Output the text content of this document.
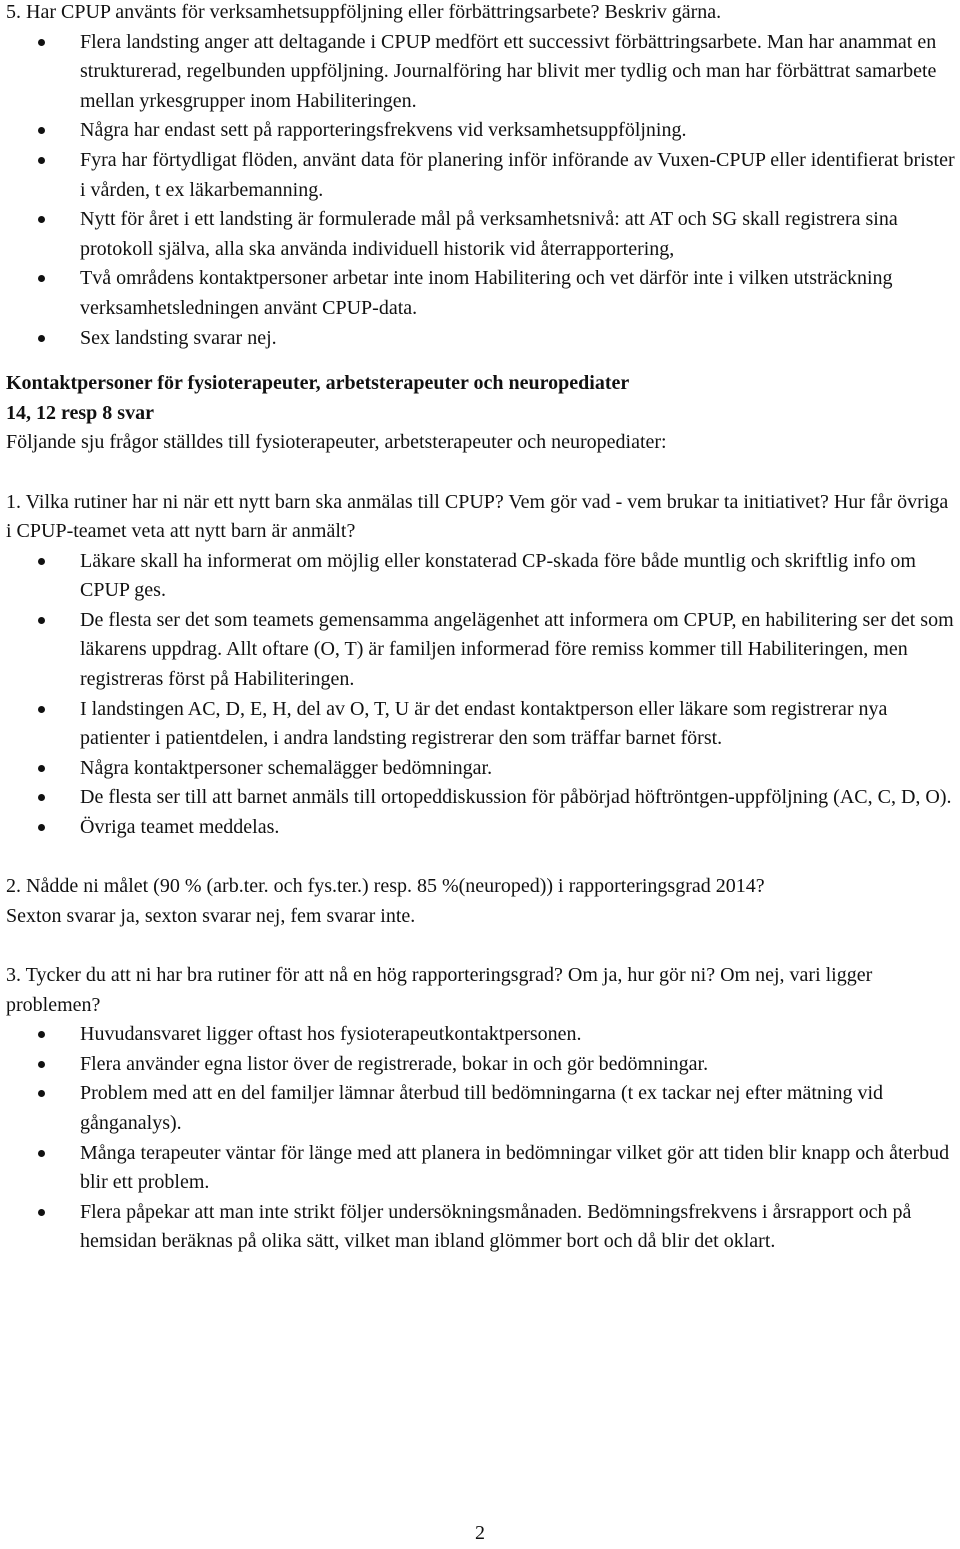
5. Har CPUP använts för verksamhetsuppföljning eller förbättringsarbete? Beskriv gärna.

Flera landsting anger att deltagande i CPUP medfört ett successivt förbättringsarbete. Man har anammat en strukturerad, regelbunden uppföljning. Journalföring har blivit mer tydlig och man har förbättrat samarbete mellan yrkesgrupper inom Habiliteringen.
Några har endast sett på rapporteringsfrekvens vid verksamhetsuppföljning.
Fyra har förtydligat flöden, använt data för planering inför införande av Vuxen-CPUP eller identifierat brister i vården, t ex läkarbemanning.
Nytt för året i ett landsting är formulerade mål på verksamhetsnivå: att AT och SG skall registrera sina protokoll själva, alla ska använda individuell historik vid återrapportering,
Två områdens kontaktpersoner arbetar inte inom Habilitering och vet därför inte i vilken utsträckning verksamhetsledningen använt CPUP-data.
Sex landsting svarar nej.

Kontaktpersoner för fysioterapeuter, arbetsterapeuter och neuropediater

14, 12 resp 8 svar

Följande sju frågor ställdes till fysioterapeuter, arbetsterapeuter och neuropediater:

1. Vilka rutiner har ni när ett nytt barn ska anmälas till CPUP? Vem gör vad - vem brukar ta initiativet? Hur får övriga i CPUP-teamet veta att nytt barn är anmält?

Läkare skall ha informerat om möjlig eller konstaterad CP-skada före både muntlig och skriftlig info om CPUP ges.
De flesta ser det som teamets gemensamma angelägenhet att informera om CPUP, en habilitering ser det som läkarens uppdrag. Allt oftare (O, T) är familjen informerad före remiss kommer till Habiliteringen, men registreras först på Habiliteringen.
I landstingen AC, D, E, H, del av O, T, U är det endast kontaktperson eller läkare som registrerar nya patienter i patientdelen, i andra landsting registrerar den som träffar barnet först.
Några kontaktpersoner schemalägger bedömningar.
De flesta ser till att barnet anmäls till ortopeddiskussion för påbörjad höftröntgen-uppföljning (AC, C, D, O).
Övriga teamet meddelas.

2. Nådde ni målet (90 % (arb.ter. och fys.ter.) resp. 85 %(neuroped)) i rapporteringsgrad 2014?

Sexton svarar ja, sexton svarar nej, fem svarar inte.

3. Tycker du att ni har bra rutiner för att nå en hög rapporteringsgrad? Om ja, hur gör ni? Om nej, vari ligger problemen?

Huvudansvaret ligger oftast hos fysioterapeutkontaktpersonen.
Flera använder egna listor över de registrerade, bokar in och gör bedömningar.
Problem med att en del familjer lämnar återbud till bedömningarna (t ex tackar nej efter mätning vid gånganalys).
Många terapeuter väntar för länge med att planera in bedömningar vilket gör att tiden blir knapp och återbud blir ett problem.
Flera påpekar att man inte strikt följer undersökningsmånaden. Bedömningsfrekvens i årsrapport och på hemsidan beräknas på olika sätt, vilket man ibland glömmer bort och då blir det oklart.
2
